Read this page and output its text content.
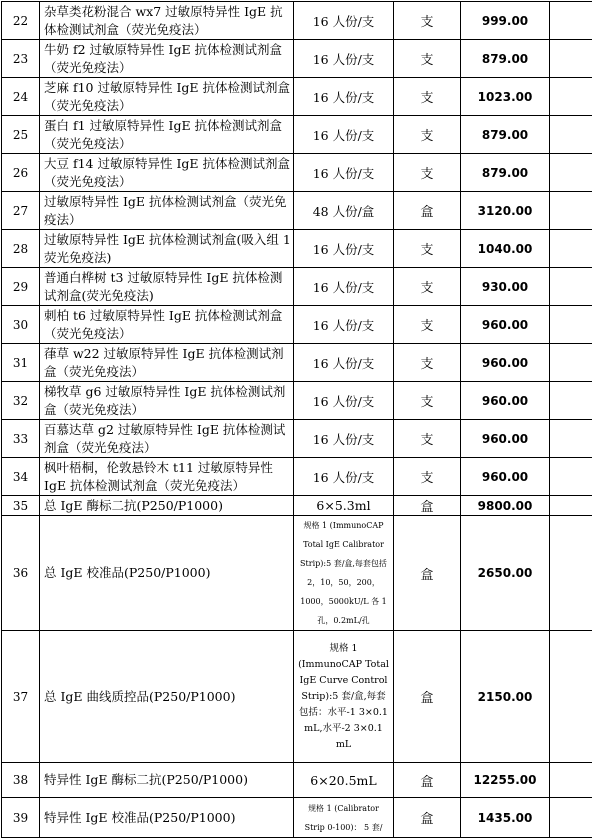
22	杂草类花粉混合 wx7 过敏原特异性 IgE 抗体检测试剂盒（荧光免疫法）	16 人份/支	支	999.00	
23	牛奶 f2 过敏原特异性 IgE 抗体检测试剂盒（荧光免疫法）	16 人份/支	支	879.00	
24	芝麻 f10 过敏原特异性 IgE 抗体检测试剂盒（荧光免疫法）	16 人份/支	支	1023.00	
25	蛋白 f1 过敏原特异性 IgE 抗体检测试剂盒（荧光免疫法）	16 人份/支	支	879.00	
26	大豆 f14 过敏原特异性 IgE 抗体检测试剂盒（荧光免疫法）	16 人份/支	支	879.00	
27	过敏原特异性 IgE 抗体检测试剂盒（荧光免疫法）	48 人份/盒	盒	3120.00	
28	过敏原特异性 IgE 抗体检测试剂盒(吸入组 1 荧光免疫法)	16 人份/支	支	1040.00	
29	普通白桦树 t3 过敏原特异性 IgE 抗体检测试剂盒(荧光免疫法)	16 人份/支	支	930.00	
30	刺柏 t6 过敏原特异性 IgE 抗体检测试剂盒（荧光免疫法）	16 人份/支	支	960.00	
31	葎草 w22 过敏原特异性 IgE 抗体检测试剂盒（荧光免疫法）	16 人份/支	支	960.00	
32	梯牧草 g6 过敏原特异性 IgE 抗体检测试剂盒（荧光免疫法）	16 人份/支	支	960.00	
33	百慕达草 g2 过敏原特异性 IgE 抗体检测试剂盒（荧光免疫法）	16 人份/支	支	960.00	
34	枫叶梧桐，伦敦悬铃木 t11 过敏原特异性 IgE 抗体检测试剂盒（荧光免疫法）	16 人份/支	支	960.00	
35	总 IgE 酶标二抗(P250/P1000)	6×5.3ml	盒	9800.00	
36	总 IgE 校准品(P250/P1000)	规格 1 (ImmunoCAP Total IgE Calibrator Strip):5 套/盒,每套包括 2，10，50，200，1000，5000kU/L 各 1 孔，0.2mL/孔	盒	2650.00	
37	总 IgE 曲线质控品(P250/P1000)	规格 1 (ImmunoCAP Total IgE Curve Control Strip):5 套/盒,每套包括：水平-1 3×0.1 mL,水平-2 3×0.1 mL	盒	2150.00	
38	特异性 IgE 酶标二抗(P250/P1000)	6×20.5mL	盒	12255.00	
39	特异性 IgE 校准品(P250/P1000)	规格 1 (Calibrator Strip 0-100)： 5 套/	盒	1435.00	
